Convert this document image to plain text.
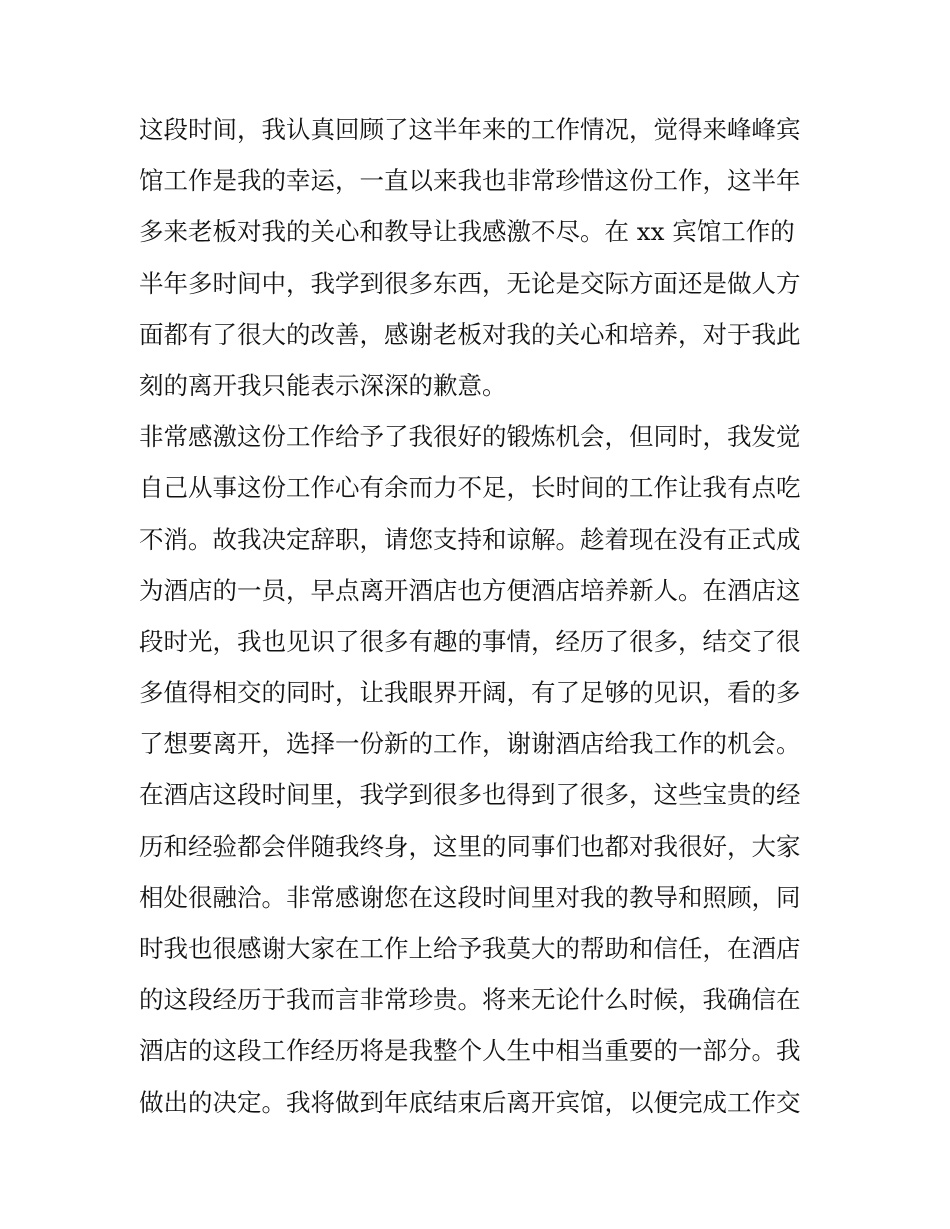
这段时间，我认真回顾了这半年来的工作情况，觉得来峰峰宾
馆工作是我的幸运，一直以来我也非常珍惜这份工作，这半年
多来老板对我的关心和教导让我感激不尽。在 xx 宾馆工作的
半年多时间中，我学到很多东西，无论是交际方面还是做人方
面都有了很大的改善，感谢老板对我的关心和培养，对于我此
刻的离开我只能表示深深的歉意。
非常感激这份工作给予了我很好的锻炼机会，但同时，我发觉
自己从事这份工作心有余而力不足，长时间的工作让我有点吃
不消。故我决定辞职，请您支持和谅解。趁着现在没有正式成
为酒店的一员，早点离开酒店也方便酒店培养新人。在酒店这
段时光，我也见识了很多有趣的事情，经历了很多，结交了很
多值得相交的同时，让我眼界开阔，有了足够的见识，看的多
了想要离开，选择一份新的工作，谢谢酒店给我工作的机会。
在酒店这段时间里，我学到很多也得到了很多，这些宝贵的经
历和经验都会伴随我终身，这里的同事们也都对我很好，大家
相处很融洽。非常感谢您在这段时间里对我的教导和照顾，同
时我也很感谢大家在工作上给予我莫大的帮助和信任，在酒店
的这段经历于我而言非常珍贵。将来无论什么时候，我确信在
酒店的这段工作经历将是我整个人生中相当重要的一部分。我
做出的决定。我将做到年底结束后离开宾馆，以便完成工作交
